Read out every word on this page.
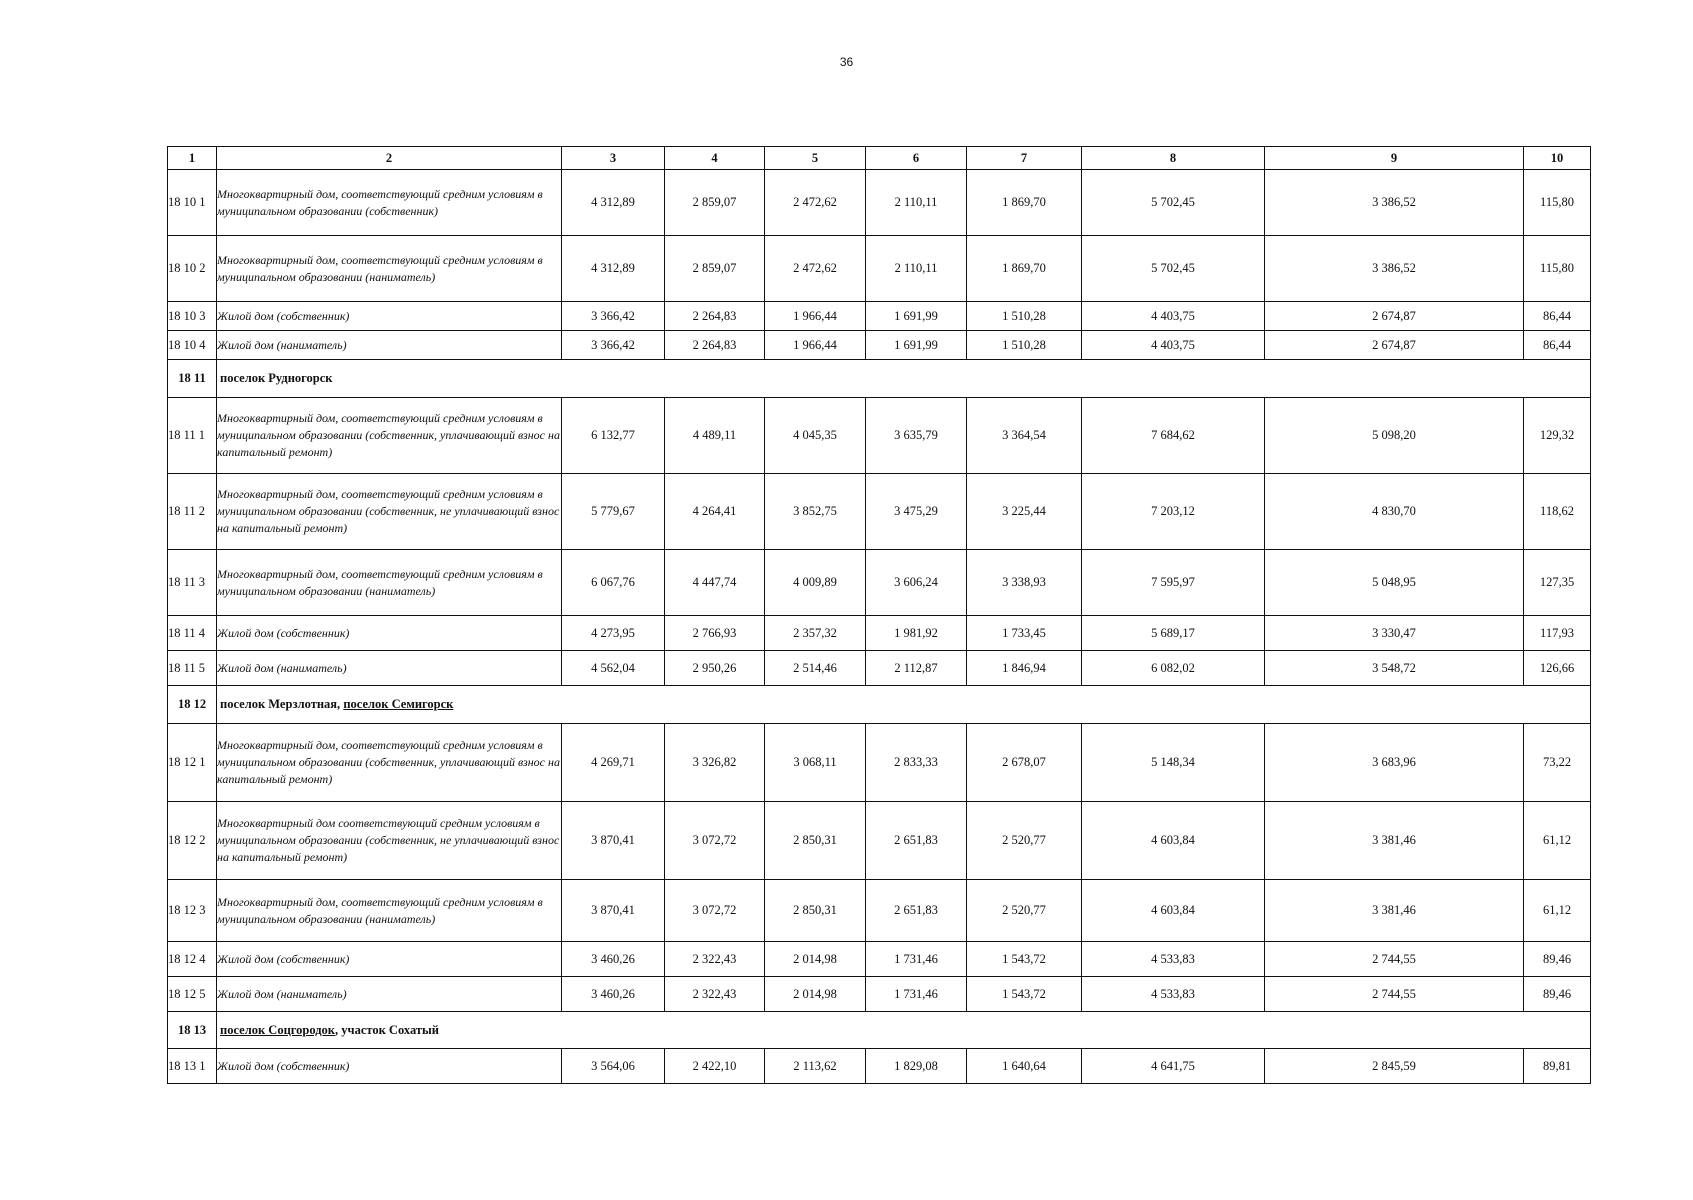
36
1	2	3	4	5	6	7	8	9	10
18 10 1	Многоквартирный дом, соответствующий средним условиям в муниципальном образовании (собственник)	4 312,89	2 859,07	2 472,62	2 110,11	1 869,70	5 702,45	3 386,52	115,80
18 10 2	Многоквартирный дом, соответствующий средним условиям в муниципальном образовании (наниматель)	4 312,89	2 859,07	2 472,62	2 110,11	1 869,70	5 702,45	3 386,52	115,80
18 10 3	Жилой дом (собственник)	3 366,42	2 264,83	1 966,44	1 691,99	1 510,28	4 403,75	2 674,87	86,44
18 10 4	Жилой дом (наниматель)	3 366,42	2 264,83	1 966,44	1 691,99	1 510,28	4 403,75	2 674,87	86,44
18 11	поселок Рудногорск								
18 11 1	Многоквартирный дом, соответствующий средним условиям в муниципальном образовании (собственник, уплачивающий взнос на капитальный ремонт)	6 132,77	4 489,11	4 045,35	3 635,79	3 364,54	7 684,62	5 098,20	129,32
18 11 2	Многоквартирный дом, соответствующий средним условиям в муниципальном образовании (собственник, не уплачивающий взнос на капитальный ремонт)	5 779,67	4 264,41	3 852,75	3 475,29	3 225,44	7 203,12	4 830,70	118,62
18 11 3	Многоквартирный дом, соответствующий средним условиям в муниципальном образовании (наниматель)	6 067,76	4 447,74	4 009,89	3 606,24	3 338,93	7 595,97	5 048,95	127,35
18 11 4	Жилой дом (собственник)	4 273,95	2 766,93	2 357,32	1 981,92	1 733,45	5 689,17	3 330,47	117,93
18 11 5	Жилой дом (наниматель)	4 562,04	2 950,26	2 514,46	2 112,87	1 846,94	6 082,02	3 548,72	126,66
18 12	поселок Мерзлотная, поселок Семигорск								
18 12 1	Многоквартирный дом, соответствующий средним условиям в муниципальном образовании (собственник, уплачивающий взнос на капитальный ремонт)	4 269,71	3 326,82	3 068,11	2 833,33	2 678,07	5 148,34	3 683,96	73,22
18 12 2	Многоквартирный дом соответствующий средним условиям в муниципальном образовании (собственник, не уплачивающий взнос на капитальный ремонт)	3 870,41	3 072,72	2 850,31	2 651,83	2 520,77	4 603,84	3 381,46	61,12
18 12 3	Многоквартирный дом, соответствующий средним условиям в муниципальном образовании (наниматель)	3 870,41	3 072,72	2 850,31	2 651,83	2 520,77	4 603,84	3 381,46	61,12
18 12 4	Жилой дом (собственник)	3 460,26	2 322,43	2 014,98	1 731,46	1 543,72	4 533,83	2 744,55	89,46
18 12 5	Жилой дом (наниматель)	3 460,26	2 322,43	2 014,98	1 731,46	1 543,72	4 533,83	2 744,55	89,46
18 13	поселок Соцгородок, участок Сохатый								
18 13 1	Жилой дом (собственник)	3 564,06	2 422,10	2 113,62	1 829,08	1 640,64	4 641,75	2 845,59	89,81
